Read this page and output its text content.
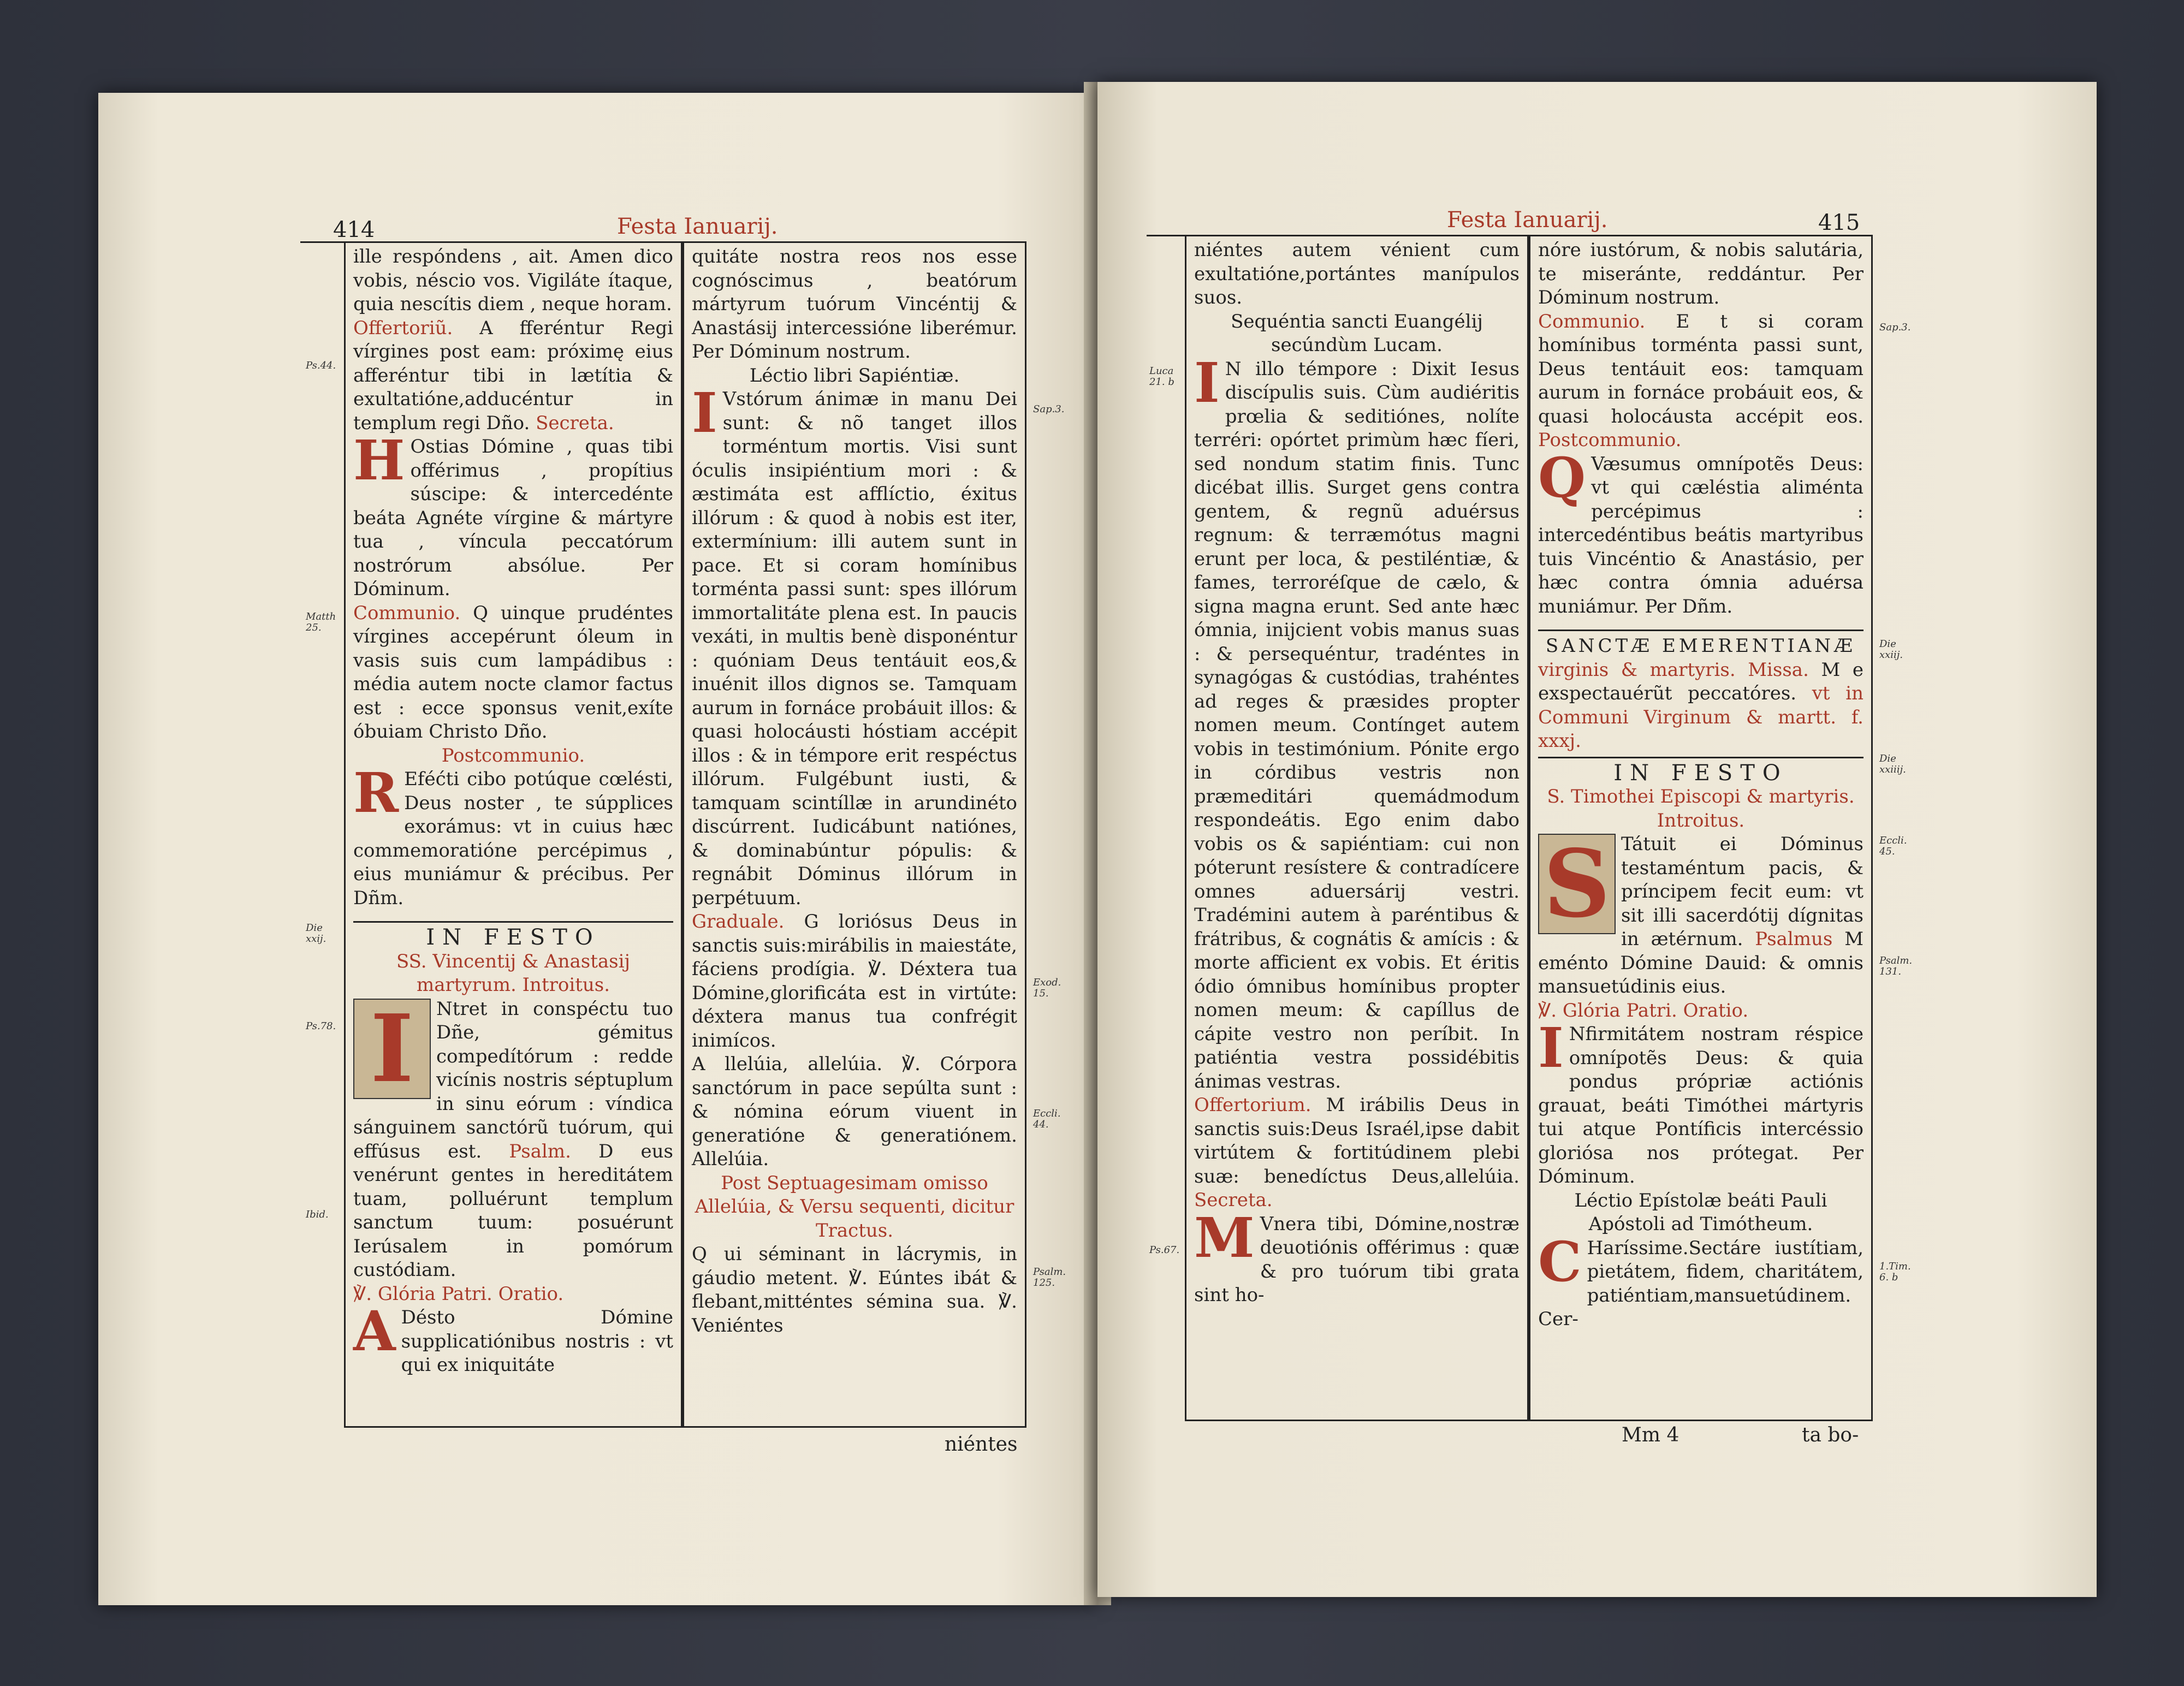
414	Festa Ianuarij.

ille respóndens , ait. Amen dico vobis, néscio vos. Vigiláte ítaque, quia nescítis diem , neque horam.

Offertoriũ. A fferéntur Regi vírgines post eam: próximę eius afferéntur tibi in lætítia & exultatióne,adducéntur in templum regi Dño. Secreta.

H Ostias Dómine , quas tibi offérimus , propítius súscipe: & intercedénte beáta Agnéte vírgine & mártyre tua , víncula peccatórum nostrórum absólue. Per Dóminum.

Communio. Q uinque prudéntes vírgines accepérunt óleum in vasis suis cum lampádibus : média autem nocte clamor factus est : ecce sponsus venit,exíte óbuiam Christo Dño.

Postcommunio.

R Eféćti cibo potúque cœlésti, Deus noster , te súpplices exorámus: vt in cuius hæc commemoratióne percépimus , eius muniámur & précibus. Per Dñm.

IN FESTO

SS. Vincentij & Anastasij martyrum. Introitus.

I	Ntret in conspéctu tuo Dñe, gémitus compedítórum : redde vicínis nostris séptuplum in sinu eórum : víndica sánguinem sanctórũ tuórum, qui effúsus est. Psalm. D eus venérunt gentes in hereditátem tuam, polluérunt templum sanctum tuum: posuérunt Ierúsalem in pomórum custódiam.

℣. Glória Patri. Oratio.

A Désto Dómine supplicatiónibus nostris : vt qui ex iniquitáte

quitáte nostra reos nos esse cognóscimus , beatórum mártyrum tuórum Vincéntij & Anastásij intercessióne liberémur. Per Dóminum nostrum.

Léctio libri Sapiéntiæ.

I Vstórum ánimæ in manu Dei sunt: & nõ tanget illos torméntum mortis. Visi sunt óculis insipiéntium mori : & æstimáta est afflíctio, éxitus illórum : & quod à nobis est iter, extermínium: illi autem sunt in pace. Et si coram homínibus torménta passi sunt: spes illórum immortalitáte plena est. In paucis vexáti, in multis benè disponéntur : quóniam Deus tentáuit eos,& inuénit illos dignos se. Tamquam aurum in fornáce probáuit illos: & quasi holocáusti hóstiam accépit illos : & in témpore erit respéctus illórum. Fulgébunt iusti, & tamquam scintíllæ in arundinéto discúrrent. Iudicábunt natiónes, & dominabúntur pópulis: & regnábit Dóminus illórum in perpétuum.

Graduale. G loriósus Deus in sanctis suis:mirábilis in maiestáte, fáciens prodígia. ℣. Déxtera tua Dómine,glorificáta est in virtúte: déxtera manus tua confrégit inimícos.

A llelúia, allelúia. ℣. Córpora sanctórum in pace sepúlta sunt : & nómina eórum viuent in generatióne & generatiónem. Allelúia.

Post Septuagesimam omisso Allelúia, & Versu sequenti, dicitur Tractus.

Q ui séminant in lácrymis, in gáudio metent. ℣. Eúntes ibát & flebant,mitténtes sémina sua. ℣. Veniéntes

Ps.44.
Matth 25.
Die xxij.
Ps.78.
Ibid.
Sap.3.
Exod. 15.
Eccli. 44.
Psalm. 125.
niéntes
Festa Ianuarij.	415

niéntes autem vénient cum exultatióne,portántes manípulos suos.

Sequéntia sancti Euangélij secúndùm Lucam.

I N illo témpore : Dixit Iesus discípulis suis. Cùm audiéritis prœlia & seditiónes, nolíte terréri: opórtet primùm hæc fíeri, sed nondum statim finis. Tunc dicébat illis. Surget gens contra gentem, & regnũ aduérsus regnum: & terræmótus magni erunt per loca, & pestiléntiæ, & fames, terroréſque de cælo, & signa magna erunt. Sed ante hæc ómnia, inijcient vobis manus suas : & persequéntur, tradéntes in synagógas & custódias, trahéntes ad reges & præsides propter nomen meum. Contínget autem vobis in testimónium. Pónite ergo in córdibus vestris non præmeditári quemádmodum respondeátis. Ego enim dabo vobis os & sapiéntiam: cui non póterunt resístere & contradícere omnes aduersárij vestri. Tradémini autem à paréntibus & frátribus, & cognátis & amícis : & morte afficient ex vobis. Et éritis ódio ómnibus homínibus propter nomen meum: & capíllus de cápite vestro non períbit. In patiéntia vestra possidébitis ánimas vestras.

Offertorium. M irábilis Deus in sanctis suis:Deus Israél,ipse dabit virtútem & fortitúdinem plebi suæ: benedíctus Deus,allelúia. Secreta.

M Vnera tibi, Dómine,nostræ deuotiónis offérimus : quæ & pro tuórum tibi grata sint ho-

nóre iustórum, & nobis salutária, te miseránte, reddántur. Per Dóminum nostrum.

Communio. E t si coram homínibus torménta passi sunt, Deus tentáuit eos: tamquam aurum in fornáce probáuit eos, & quasi holocáusta accépit eos. Postcommunio.

Q Væsumus omnípotẽs Deus: vt qui cæléstia aliménta percépimus : intercedéntibus beátis martyribus tuis Vincéntio & Anastásio, per hæc contra ómnia aduérsa muniámur. Per Dñm.

SANCTÆ EMERENTIANÆ

virginis & martyris. Missa. M e exspectauérũt peccatóres. vt in Communi Virginum & martt. f. xxxj.

IN FESTO

S. Timothei Episcopi & martyris. Introitus.

S Tátuit ei Dóminus testaméntum pacis, & príncipem fecit eum: vt sit illi sacerdótij dígnitas in ætérnum. Psalmus M eménto Dómine Dauid: & omnis mansuetúdinis eius.

℣. Glória Patri. Oratio.

I Nfirmitátem nostram réspice omnípotẽs Deus: & quia pondus própriæ actiónis grauat, beáti Timóthei mártyris tui atque Pontíficis intercéssio gloriósa nos prótegat. Per Dóminum.

Léctio Epístolæ beáti Pauli Apóstoli ad Timótheum.

C Haríssime.Sectáre iustítiam, pietátem, fidem, charitátem, patiéntiam,mansuetúdinem. Cer-

Luca 21. b
Ps.67.
Sap.3.
Die xxiij.
Die xxiiij.
Eccli. 45.
Psalm. 131.
1.Tim. 6. b
Mm 4	ta bo-
